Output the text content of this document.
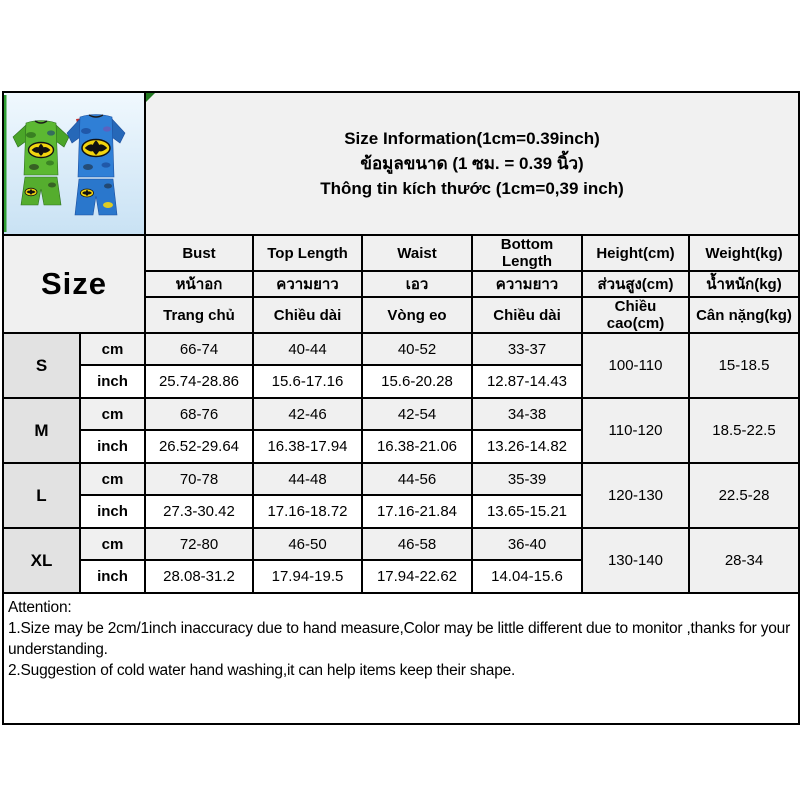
Size Information(1cm=0.39inch)
ข้อมูลขนาด (1 ซม. = 0.39 นิ้ว)
Thông tin kích thước (1cm=0,39 inch)					

Size		Bust	Top Length	Waist	Bottom Length	Height(cm)	Weight(kg)
		หน้าอก	ความยาว	เอว	ความยาว	ส่วนสูง(cm)	น้ำหนัก(kg)
		Trang chủ	Chiều dài	Vòng eo	Chiều dài	Chiều cao(cm)	Cân nặng(kg)
S	cm	66-74	40-44	40-52	33-37	100-110	15-18.5
	inch	25.74-28.86	15.6-17.16	15.6-20.28	12.87-14.43		
M	cm	68-76	42-46	42-54	34-38	110-120	18.5-22.5
	inch	26.52-29.64	16.38-17.94	16.38-21.06	13.26-14.82		
L	cm	70-78	44-48	44-56	35-39	120-130	22.5-28
	inch	27.3-30.42	17.16-18.72	17.16-21.84	13.65-15.21		
XL	cm	72-80	46-50	46-58	36-40	130-140	28-34
	inch	28.08-31.2	17.94-19.5	17.94-22.62	14.04-15.6		

Attention:
1.Size may be 2cm/1inch inaccuracy due to hand measure,Color may be little different due to monitor ,thanks for your understanding.
2.Suggestion of cold water hand washing,it can help items keep their shape.							
